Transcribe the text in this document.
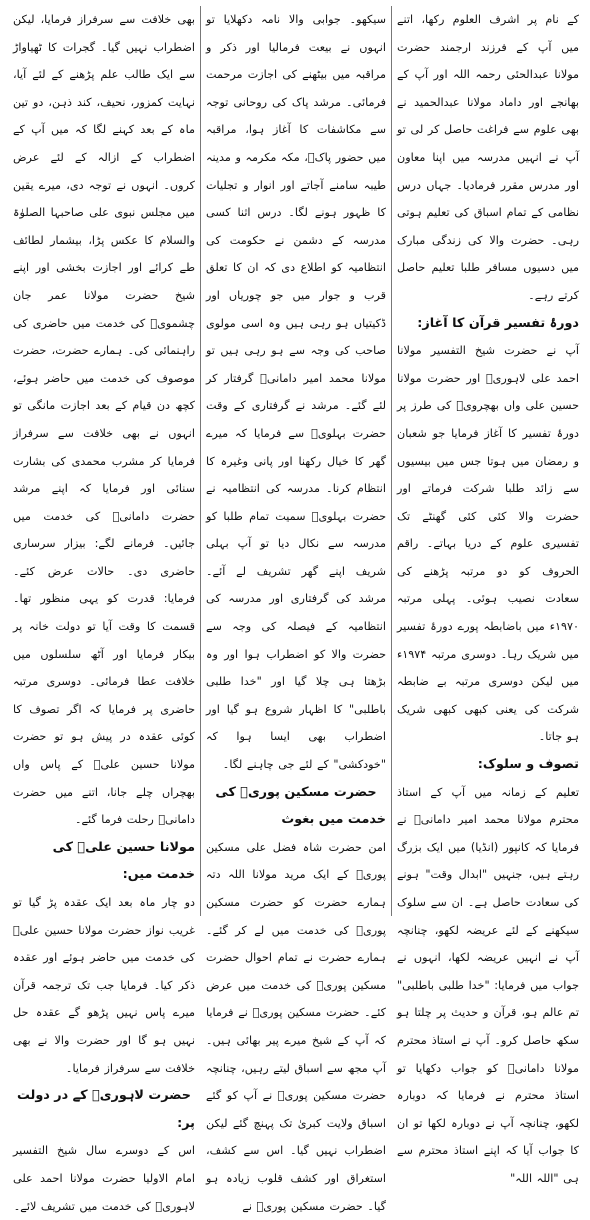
کے نام پر اشرف العلوم رکھا، اتنے میں آپ کے فرزند ارجمند حضرت مولانا عبدالحئی رحمہ اللہ اور آپ کے بھانجے اور داماد مولانا عبدالحمید نے بھی علوم سے فراغت حاصل کر لی تو آپ نے انہیں مدرسہ میں اپنا معاون اور مدرس مقرر فرمادیا۔ جہاں درس نظامی کے تمام اسباق کی تعلیم ہوتی رہی۔ حضرت والا کی زندگی مبارک میں دسیوں مسافر طلبا تعلیم حاصل کرتے رہے۔

دورۂ تفسیر قرآن کا آغاز:

آپ نے حضرت شیخ التفسیر مولانا احمد علی لاہوریؒ اور حضرت مولانا حسین علی واں بھچرویؒ کی طرز پر دورۂ تفسیر کا آغاز فرمایا جو شعبان و رمضان میں ہوتا جس میں بیسیوں سے زائد طلبا شرکت فرماتے اور حضرت والا کئی کئی گھنٹے تک تفسیری علوم کے دریا بہاتے۔ راقم الحروف کو دو مرتبہ پڑھنے کی سعادت نصیب ہوئی۔ پہلی مرتبہ ۱۹۷۰ء میں باضابطہ پورے دورۂ تفسیر میں شریک رہا۔ دوسری مرتبہ ۱۹۷۴ء میں لیکن دوسری مرتبہ بے ضابطہ شرکت کی یعنی کبھی کبھی شریک ہو جاتا۔

تصوف و سلوک:

تعلیم کے زمانہ میں آپ کے استاذ محترم مولانا محمد امیر دامانیؒ نے فرمایا کہ کانپور (انڈیا) میں ایک بزرگ رہتے ہیں، جنہیں "ابدال وقت" ہونے کی سعادت حاصل ہے۔ ان سے سلوک سیکھنے کے لئے عریضہ لکھو، چنانچہ آپ نے انہیں عریضہ لکھا، انہوں نے جواب میں فرمایا: "خدا طلبی باطلبی" تم عالم ہو، قرآن و حدیث پر چلتا ہو سکھ حاصل کرو۔ آپ نے استاذ محترم مولانا دامانیؒ کو جواب دکھایا تو استاذ محترم نے فرمایا کہ دوبارہ لکھو، چنانچہ آپ نے دوبارہ لکھا تو ان کا جواب آیا کہ اپنے استاذ محترم سے ہی "اللہ اللہ"

سیکھو۔ جوابی والا نامہ دکھلایا تو انہوں نے بیعت فرمالیا اور ذکر و مراقبہ میں بیٹھنے کی اجازت مرحمت فرمائی۔ مرشد پاک کی روحانی توجہ سے مکاشفات کا آغاز ہوا، مراقبہ میں حضور پاکؐ، مکہ مکرمہ و مدینہ طیبہ سامنے آجاتے اور انوار و تجلیات کا ظہور ہونے لگا۔ درس اثنا کسی مدرسہ کے دشمن نے حکومت کی انتظامیہ کو اطلاع دی کہ ان کا تعلق قرب و جوار میں جو چوریاں اور ڈکیتیاں ہو رہی ہیں وہ اسی مولوی صاحب کی وجہ سے ہو رہی ہیں تو مولانا محمد امیر دامانیؒ گرفتار کر لئے گئے۔ مرشد نے گرفتاری کے وقت حضرت بہلویؒ سے فرمایا کہ میرے گھر کا خیال رکھنا اور پانی وغیرہ کا انتظام کرنا۔ مدرسہ کی انتظامیہ نے حضرت بہلویؒ سمیت تمام طلبا کو مدرسہ سے نکال دیا تو آپ بہلی شریف اپنے گھر تشریف لے آئے۔ مرشد کی گرفتاری اور مدرسہ کی انتظامیہ کے فیصلہ کی وجہ سے حضرت والا کو اضطراب ہوا اور وہ بڑھتا ہی چلا گیا اور "خدا طلبی باطلبی" کا اظہار شروع ہو گیا اور اضطراب بھی ایسا ہوا کہ "خودکشی" کے لئے جی چاہنے لگا۔

حضرت مسکین پوریؒ کی خدمت میں بغوث

امن حضرت شاہ فضل علی مسکین پوریؒ کے ایک مرید مولانا اللہ دتہ ہمارے حضرت کو حضرت مسکین پوریؒ کی خدمت میں لے کر گئے۔ ہمارے حضرت نے تمام احوال حضرت مسکین پوریؒ کی خدمت میں عرض کئے۔ حضرت مسکین پوریؒ نے فرمایا کہ آپ کے شیخ میرے پیر بھائی ہیں۔ آپ مجھ سے اسباق لیتے رہیں، چنانچہ حضرت مسکین پوریؒ نے آپ کو گئے اسباق ولایت کبریٰ تک پہنچ گئے لیکن اضطراب نہیں گیا۔ اس سے کشف، استغراق اور کشف قلوب زیادہ ہو گیا۔ حضرت مسکین پوریؒ نے

بھی خلافت سے سرفراز فرمایا، لیکن اضطراب نہیں گیا۔ گجرات کا ٹھیاواڑ سے ایک طالب علم پڑھنے کے لئے آیا، نہایت کمزور، نحیف، کند ذہن، دو تین ماہ کے بعد کہنے لگا کہ میں آپ کے اضطراب کے ازالہ کے لئے عرض کروں۔ انہوں نے توجہ دی، میرے یقین میں مجلس نبوی علی صاحبہا الصلوٰۃ والسلام کا عکس پڑا، بیشمار لطائف طے کرائے اور اجازت بخشی اور اپنے شیخ حضرت مولانا عمر جان چشمویؒ کی خدمت میں حاضری کی راہنمائی کی۔ ہمارے حضرت، حضرت موصوف کی خدمت میں حاضر ہوئے، کچھ دن قیام کے بعد اجازت مانگی تو انہوں نے بھی خلافت سے سرفراز فرمایا کر مشرب محمدی کی بشارت سنائی اور فرمایا کہ اپنے مرشد حضرت دامانیؒ کی خدمت میں جائیں۔ فرمانے لگے: بیزار سرساری حاضری دی۔ حالات عرض کئے۔ فرمایا: قدرت کو یہی منظور تھا۔ قسمت کا وقت آیا تو دولت خانہ پر بیکار فرمایا اور آٹھ سلسلوں میں خلافت عطا فرمائی۔ دوسری مرتبہ حاضری پر فرمایا کہ اگر تصوف کا کوئی عقدہ در پیش ہو تو حضرت مولانا حسین علیؒ کے پاس واں بھچراں چلے جانا، اتنے میں حضرت دامانیؒ رحلت فرما گئے۔

مولانا حسین علیؒ کی خدمت میں:

دو چار ماہ بعد ایک عقدہ پڑ گیا تو غریب نواز حضرت مولانا حسین علیؒ کی خدمت میں حاضر ہوئے اور عقدہ ذکر کیا۔ فرمایا جب تک ترجمہ قرآن میرے پاس نہیں پڑھو گے عقدہ حل نہیں ہو گا اور حضرت والا نے بھی خلافت سے سرفراز فرمایا۔

حضرت لاہوریؒ کے در دولت پر:

اس کے دوسرے سال شیخ التفسیر امام الاولیا حضرت مولانا احمد علی لاہوریؒ کی خدمت میں تشریف لائے۔
